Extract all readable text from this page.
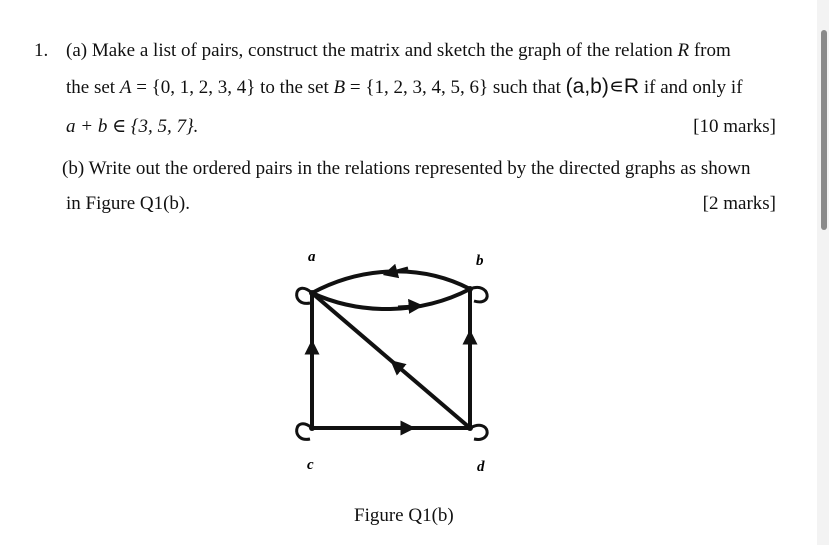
1. (a) Make a list of pairs, construct the matrix and sketch the graph of the relation R from
the set A = {0, 1, 2, 3, 4} to the set B = {1, 2, 3, 4, 5, 6} such that (a,b)∊R if and only if
a + b ∈ {3, 5, 7}.	[10 marks]
(b) Write out the ordered pairs in the relations represented by the directed graphs as shown
in Figure Q1(b).	[2 marks]
a	b
c	d
Figure Q1(b)
